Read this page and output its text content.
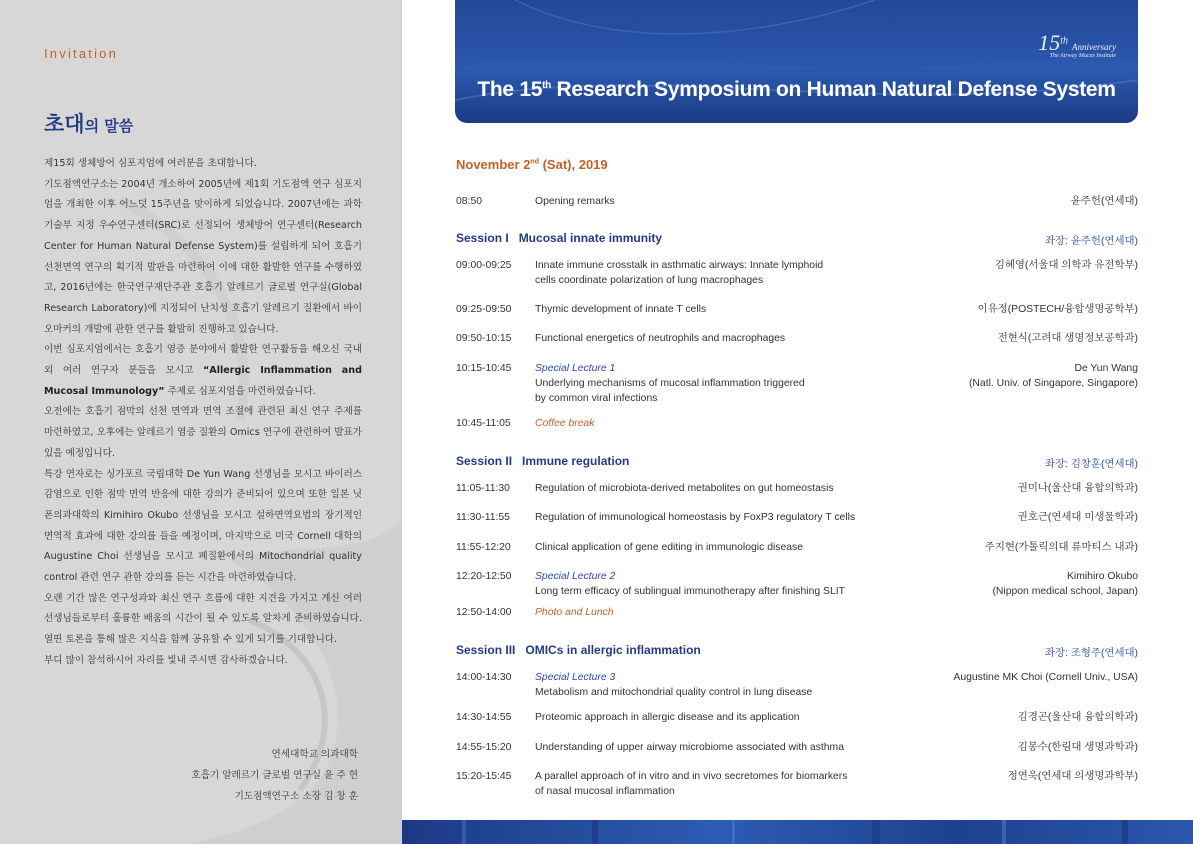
Invitation
초대의 말씀

제15회 생체방어 심포지엄에 여러분을 초대합니다.

기도점액연구소는 2004년 개소하여 2005년에 제1회 기도점액 연구 심포지엄을 개최한 이후 어느덧 15주년을 맞이하게 되었습니다. 2007년에는 과학기술부 지정 우수연구센터(SRC)로 선정되어 생체방어 연구센터(Research Center for Human Natural Defense System)를 설립하게 되어 호흡기 선천면역 연구의 획기적 발판을 마련하여 이에 대한 활발한 연구를 수행하였고, 2016년에는 한국연구재단주관 호흡기 알레르기 글로벌 연구실(Global Research Laboratory)에 지정되어 난치성 호흡기 알레르기 질환에서 바이오마커의 개발에 관한 연구를 활발히 진행하고 있습니다.

이번 심포지엄에서는 호흡기 염증 분야에서 활발한 연구활동을 해오신 국내외 여러 연구자 분들을 모시고 “Allergic Inflammation and Mucosal Immunology” 주제로 심포지엄을 마련하였습니다.

오전에는 호흡기 점막의 선천 면역과 면역 조절에 관련된 최신 연구 주제를 마련하였고, 오후에는 알레르기 염증 질환의 Omics 연구에 관련하여 발표가 있을 예정입니다.

특강 연자로는 싱가포르 국립대학 De Yun Wang 선생님을 모시고 바이러스 감염으로 인한 점막 면역 반응에 대한 강의가 준비되어 있으며 또한 일본 닛폰의과대학의 Kimihiro Okubo 선생님을 모시고 설하면역요법의 장기적인 면역적 효과에 대한 강의를 들을 예정이며, 마지막으로 미국 Cornell 대학의 Augustine Choi 선생님을 모시고 폐질환에서의 Mitochondrial quality control 관련 연구 관한 강의를 듣는 시간을 마련하였습니다.

오랜 기간 많은 연구성과와 최신 연구 흐름에 대한 지견을 가지고 계신 여러 선생님들로부터 훌륭한 배움의 시간이 될 수 있도록 알차게 준비하였습니다. 열띤 토론을 통해 많은 지식을 함께 공유할 수 있게 되기를 기대합니다.

부디 많이 참석하시어 자리를 빛내 주시면 감사하겠습니다.

연세대학교 의과대학
호흡기 알레르기 글로벌 연구실 윤 주 헌
기도점액연구소 소장 김 창 훈
15th Anniversary
The Airway Mucus Institute
The 15th Research Symposium on Human Natural Defense System
November 2nd (Sat), 2019
08:50	Opening remarks	윤주헌(연세대)
Session I   Mucosal innate immunity	좌장: 윤주헌(연세대)
09:00-09:25	Innate immune crosstalk in asthmatic airways: Innate lymphoid
cells coordinate polarization of lung macrophages
김혜영(서울대 의학과 유전학부)
09:25-09:50	Thymic development of innate T cells	이유정(POSTECH/융합생명공학부)
09:50-10:15	Functional energetics of neutrophils and macrophages	전현식(고려대 생명정보공학과)
10:15-10:45	Special Lecture 1
Underlying mechanisms of mucosal inflammation triggered
by common viral infections
De Yun Wang
(Natl. Univ. of Singapore, Singapore)
10:45-11:05	Coffee break
Session II   Immune regulation	좌장: 김창훈(연세대)
11:05-11:30	Regulation of microbiota-derived metabolites on gut homeostasis	권미나(울산대 융합의학과)
11:30-11:55	Regulation of immunological homeostasis by FoxP3 regulatory T cells	권호근(연세대 미생물학과)
11:55-12:20	Clinical application of gene editing in immunologic disease	주지현(가톨릭의대 류마티스 내과)
12:20-12:50	Special Lecture 2
Long term efficacy of sublingual immunotherapy after finishing SLIT
Kimihiro Okubo
(Nippon medical school, Japan)
12:50-14:00	Photo and Lunch
Session III   OMICs in allergic inflammation	좌장: 조형주(연세대)
14:00-14:30	Special Lecture 3
Metabolism and mitochondrial quality control in lung disease
Augustine MK Choi (Cornell Univ., USA)
14:30-14:55	Proteomic approach in allergic disease and its application	김경곤(울산대 융합의학과)
14:55-15:20	Understanding of upper airway microbiome associated with asthma	김봉수(한림대 생명과학과)
15:20-15:45	A parallel approach of in vitro and in vivo secretomes for biomarkers
of nasal mucosal inflammation
정연욱(연세대 의생명과학부)
